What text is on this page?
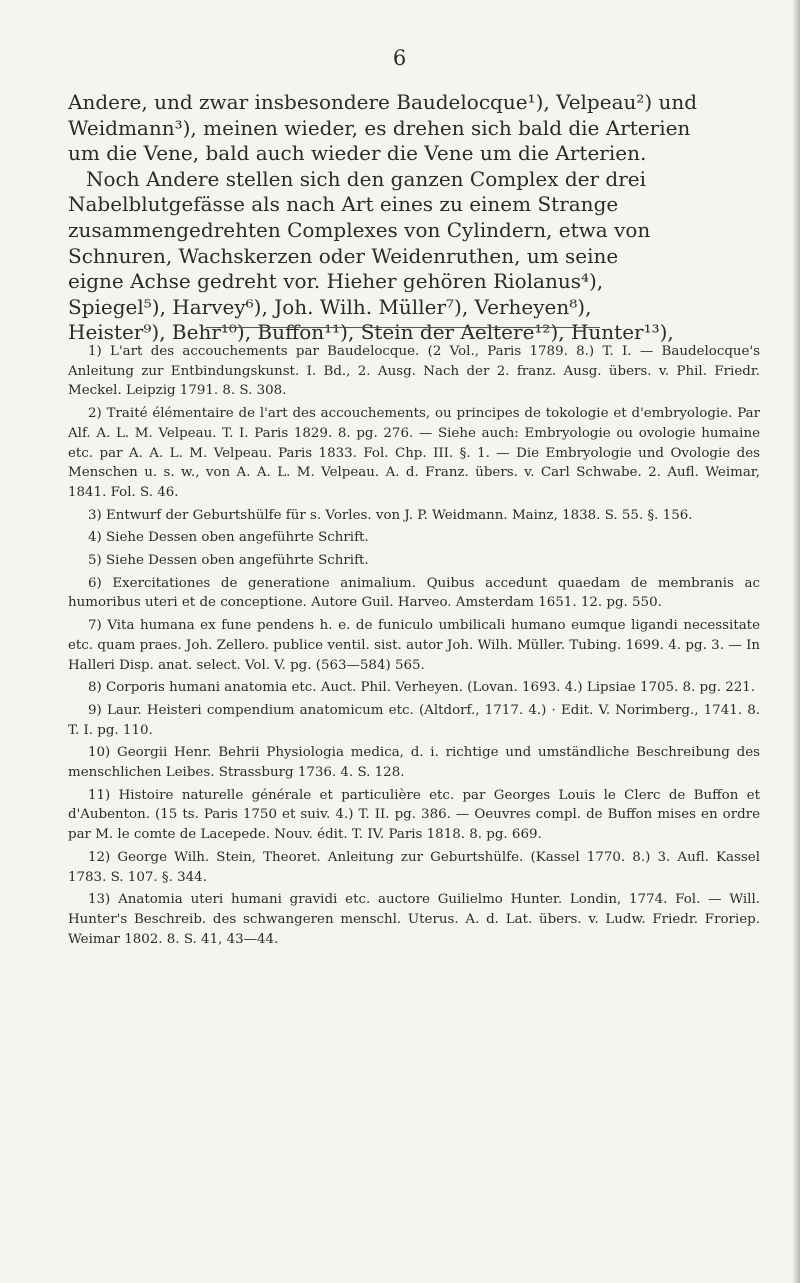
6
Andere, und zwar insbesondere Baudelocque¹), Velpeau²) und
Weidmann³), meinen wieder, es drehen sich bald die Arterien
um die Vene, bald auch wieder die Vene um die Arterien.
Noch Andere stellen sich den ganzen Complex der drei
Nabelblutgefässe als nach Art eines zu einem Strange
zusammengedrehten Complexes von Cylindern, etwa von
Schnuren, Wachskerzen oder Weidenruthen, um seine
eigne Achse gedreht vor. Hieher gehören Riolanus⁴),
Spiegel⁵), Harvey⁶), Joh. Wilh. Müller⁷), Verheyen⁸),
Heister⁹), Behr¹⁰), Buffon¹¹), Stein der Aeltere¹²), Hunter¹³),

1) L'art des accouchements par Baudelocque. (2 Vol., Paris 1789. 8.) T. I. — Baudelocque's Anleitung zur Entbindungskunst. I. Bd., 2. Ausg. Nach der 2. franz. Ausg. übers. v. Phil. Friedr. Meckel. Leipzig 1791. 8. S. 308.

2) Traité élémentaire de l'art des accouchements, ou principes de tokologie et d'embryologie. Par Alf. A. L. M. Velpeau. T. I. Paris 1829. 8. pg. 276. — Siehe auch: Embryologie ou ovologie humaine etc. par A. A. L. M. Velpeau. Paris 1833. Fol. Chp. III. §. 1. — Die Embryologie und Ovologie des Menschen u. s. w., von A. A. L. M. Velpeau. A. d. Franz. übers. v. Carl Schwabe. 2. Aufl. Weimar, 1841. Fol. S. 46.

3) Entwurf der Geburtshülfe für s. Vorles. von J. P. Weidmann. Mainz, 1838. S. 55. §. 156.

4) Siehe Dessen oben angeführte Schrift.

5) Siehe Dessen oben angeführte Schrift.

6) Exercitationes de generatione animalium. Quibus accedunt quaedam de membranis ac humoribus uteri et de conceptione. Autore Guil. Harveo. Amsterdam 1651. 12. pg. 550.

7) Vita humana ex fune pendens h. e. de funiculo umbilicali humano eumque ligandi necessitate etc. quam praes. Joh. Zellero. publice ventil. sist. autor Joh. Wilh. Müller. Tubing. 1699. 4. pg. 3. — In Halleri Disp. anat. select. Vol. V. pg. (563—584) 565.

8) Corporis humani anatomia etc. Auct. Phil. Verheyen. (Lovan. 1693. 4.) Lipsiae 1705. 8. pg. 221.

9) Laur. Heisteri compendium anatomicum etc. (Altdorf., 1717. 4.) · Edit. V. Norimberg., 1741. 8. T. I. pg. 110.

10) Georgii Henr. Behrii Physiologia medica, d. i. richtige und umständliche Beschreibung des menschlichen Leibes. Strassburg 1736. 4. S. 128.

11) Histoire naturelle générale et particulière etc. par Georges Louis le Clerc de Buffon et d'Aubenton. (15 ts. Paris 1750 et suiv. 4.) T. II. pg. 386. — Oeuvres compl. de Buffon mises en ordre par M. le comte de Lacepede. Nouv. édit. T. IV. Paris 1818. 8. pg. 669.

12) George Wilh. Stein, Theoret. Anleitung zur Geburtshülfe. (Kassel 1770. 8.) 3. Aufl. Kassel 1783. S. 107. §. 344.

13) Anatomia uteri humani gravidi etc. auctore Guilielmo Hunter. Londin, 1774. Fol. — Will. Hunter's Beschreib. des schwangeren menschl. Uterus. A. d. Lat. übers. v. Ludw. Friedr. Froriep. Weimar 1802. 8. S. 41, 43—44.
